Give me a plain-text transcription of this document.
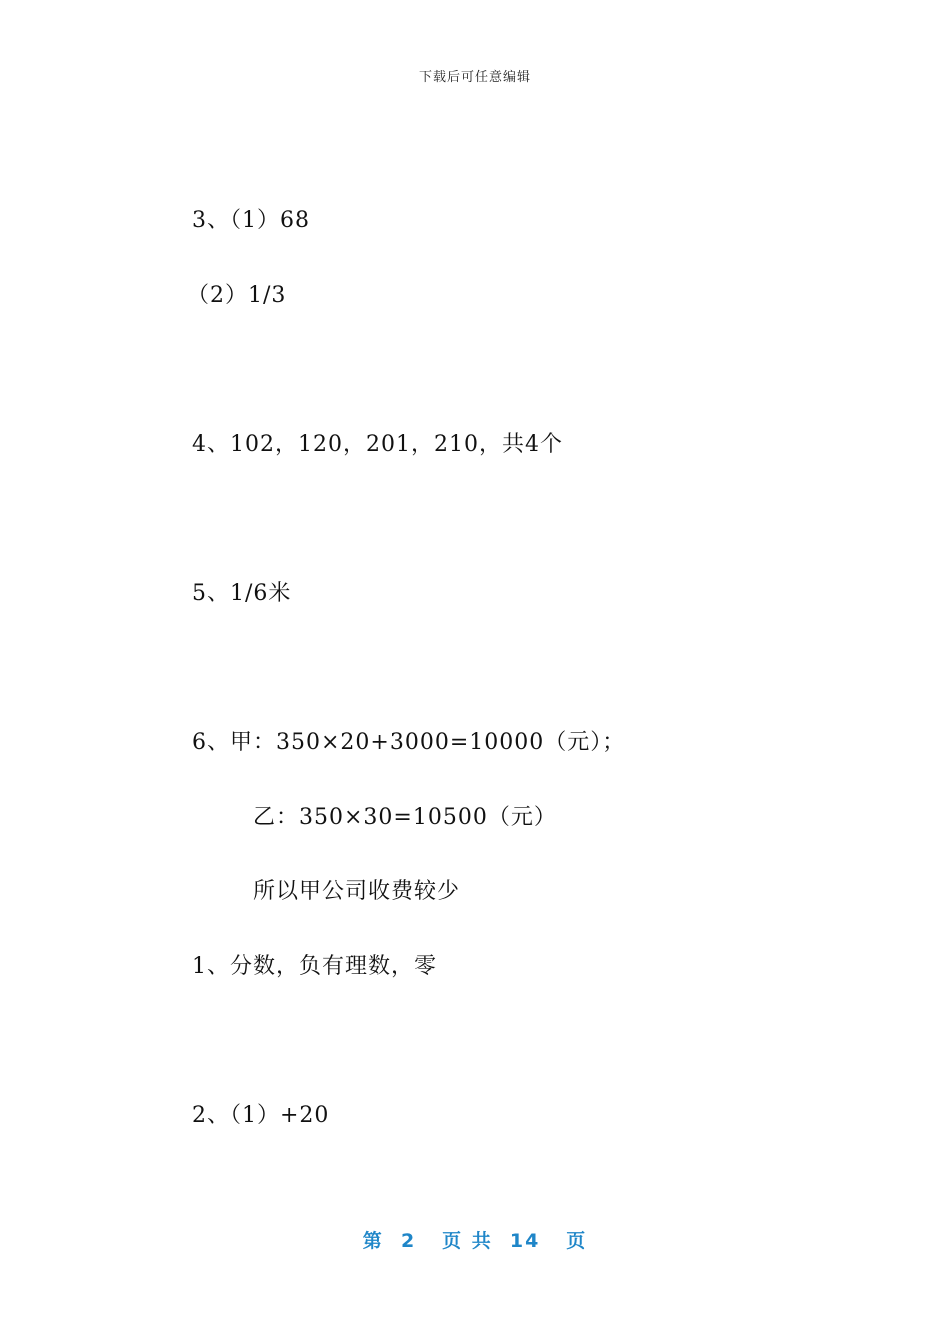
下载后可任意编辑
3、（1）68
（2）1/3
4、102，120，201，210，共4个
5、1/6米
6、甲：350×20+3000=10000（元）；
乙：350×30=10500（元）
所以甲公司收费较少
1、分数，负有理数，零
2、（1）+20
第  2   页 共  14   页
